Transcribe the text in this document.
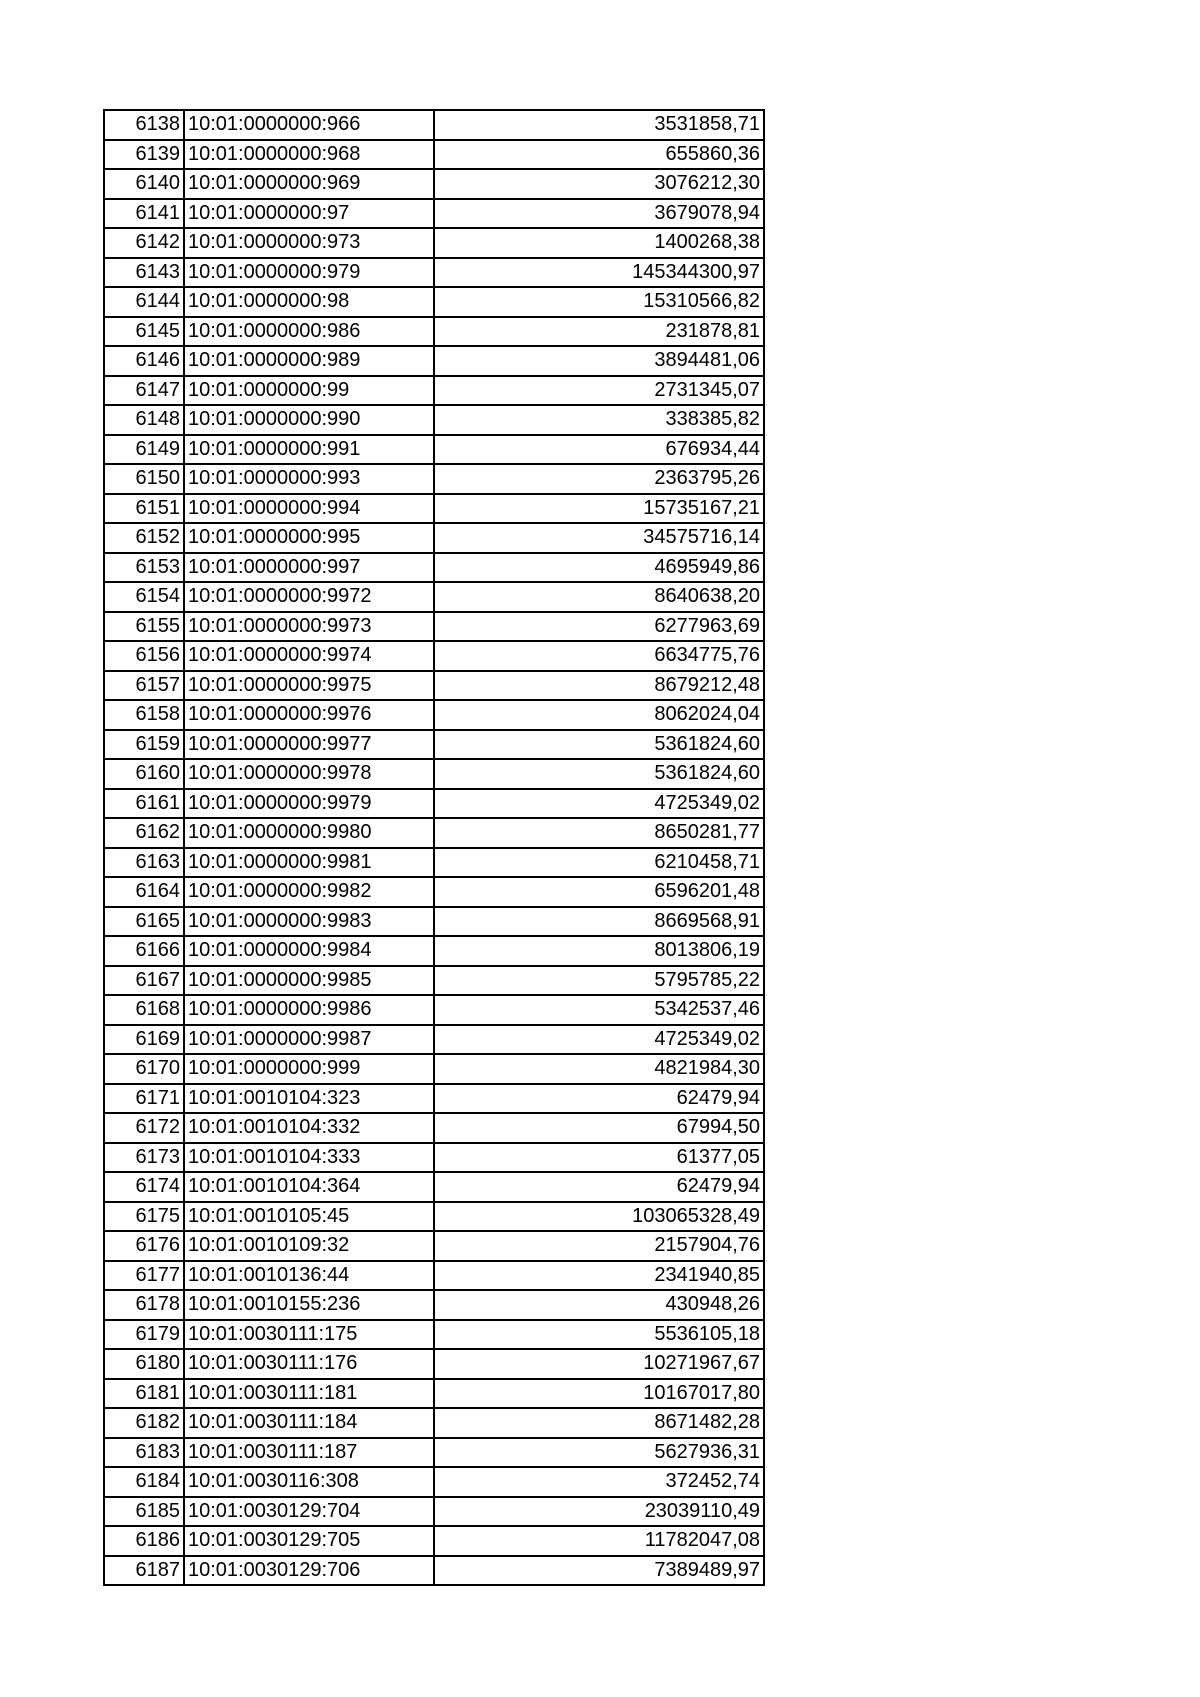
6138	10:01:0000000:966	3531858,71
6139	10:01:0000000:968	655860,36
6140	10:01:0000000:969	3076212,30
6141	10:01:0000000:97	3679078,94
6142	10:01:0000000:973	1400268,38
6143	10:01:0000000:979	145344300,97
6144	10:01:0000000:98	15310566,82
6145	10:01:0000000:986	231878,81
6146	10:01:0000000:989	3894481,06
6147	10:01:0000000:99	2731345,07
6148	10:01:0000000:990	338385,82
6149	10:01:0000000:991	676934,44
6150	10:01:0000000:993	2363795,26
6151	10:01:0000000:994	15735167,21
6152	10:01:0000000:995	34575716,14
6153	10:01:0000000:997	4695949,86
6154	10:01:0000000:9972	8640638,20
6155	10:01:0000000:9973	6277963,69
6156	10:01:0000000:9974	6634775,76
6157	10:01:0000000:9975	8679212,48
6158	10:01:0000000:9976	8062024,04
6159	10:01:0000000:9977	5361824,60
6160	10:01:0000000:9978	5361824,60
6161	10:01:0000000:9979	4725349,02
6162	10:01:0000000:9980	8650281,77
6163	10:01:0000000:9981	6210458,71
6164	10:01:0000000:9982	6596201,48
6165	10:01:0000000:9983	8669568,91
6166	10:01:0000000:9984	8013806,19
6167	10:01:0000000:9985	5795785,22
6168	10:01:0000000:9986	5342537,46
6169	10:01:0000000:9987	4725349,02
6170	10:01:0000000:999	4821984,30
6171	10:01:0010104:323	62479,94
6172	10:01:0010104:332	67994,50
6173	10:01:0010104:333	61377,05
6174	10:01:0010104:364	62479,94
6175	10:01:0010105:45	103065328,49
6176	10:01:0010109:32	2157904,76
6177	10:01:0010136:44	2341940,85
6178	10:01:0010155:236	430948,26
6179	10:01:0030111:175	5536105,18
6180	10:01:0030111:176	10271967,67
6181	10:01:0030111:181	10167017,80
6182	10:01:0030111:184	8671482,28
6183	10:01:0030111:187	5627936,31
6184	10:01:0030116:308	372452,74
6185	10:01:0030129:704	23039110,49
6186	10:01:0030129:705	11782047,08
6187	10:01:0030129:706	7389489,97
